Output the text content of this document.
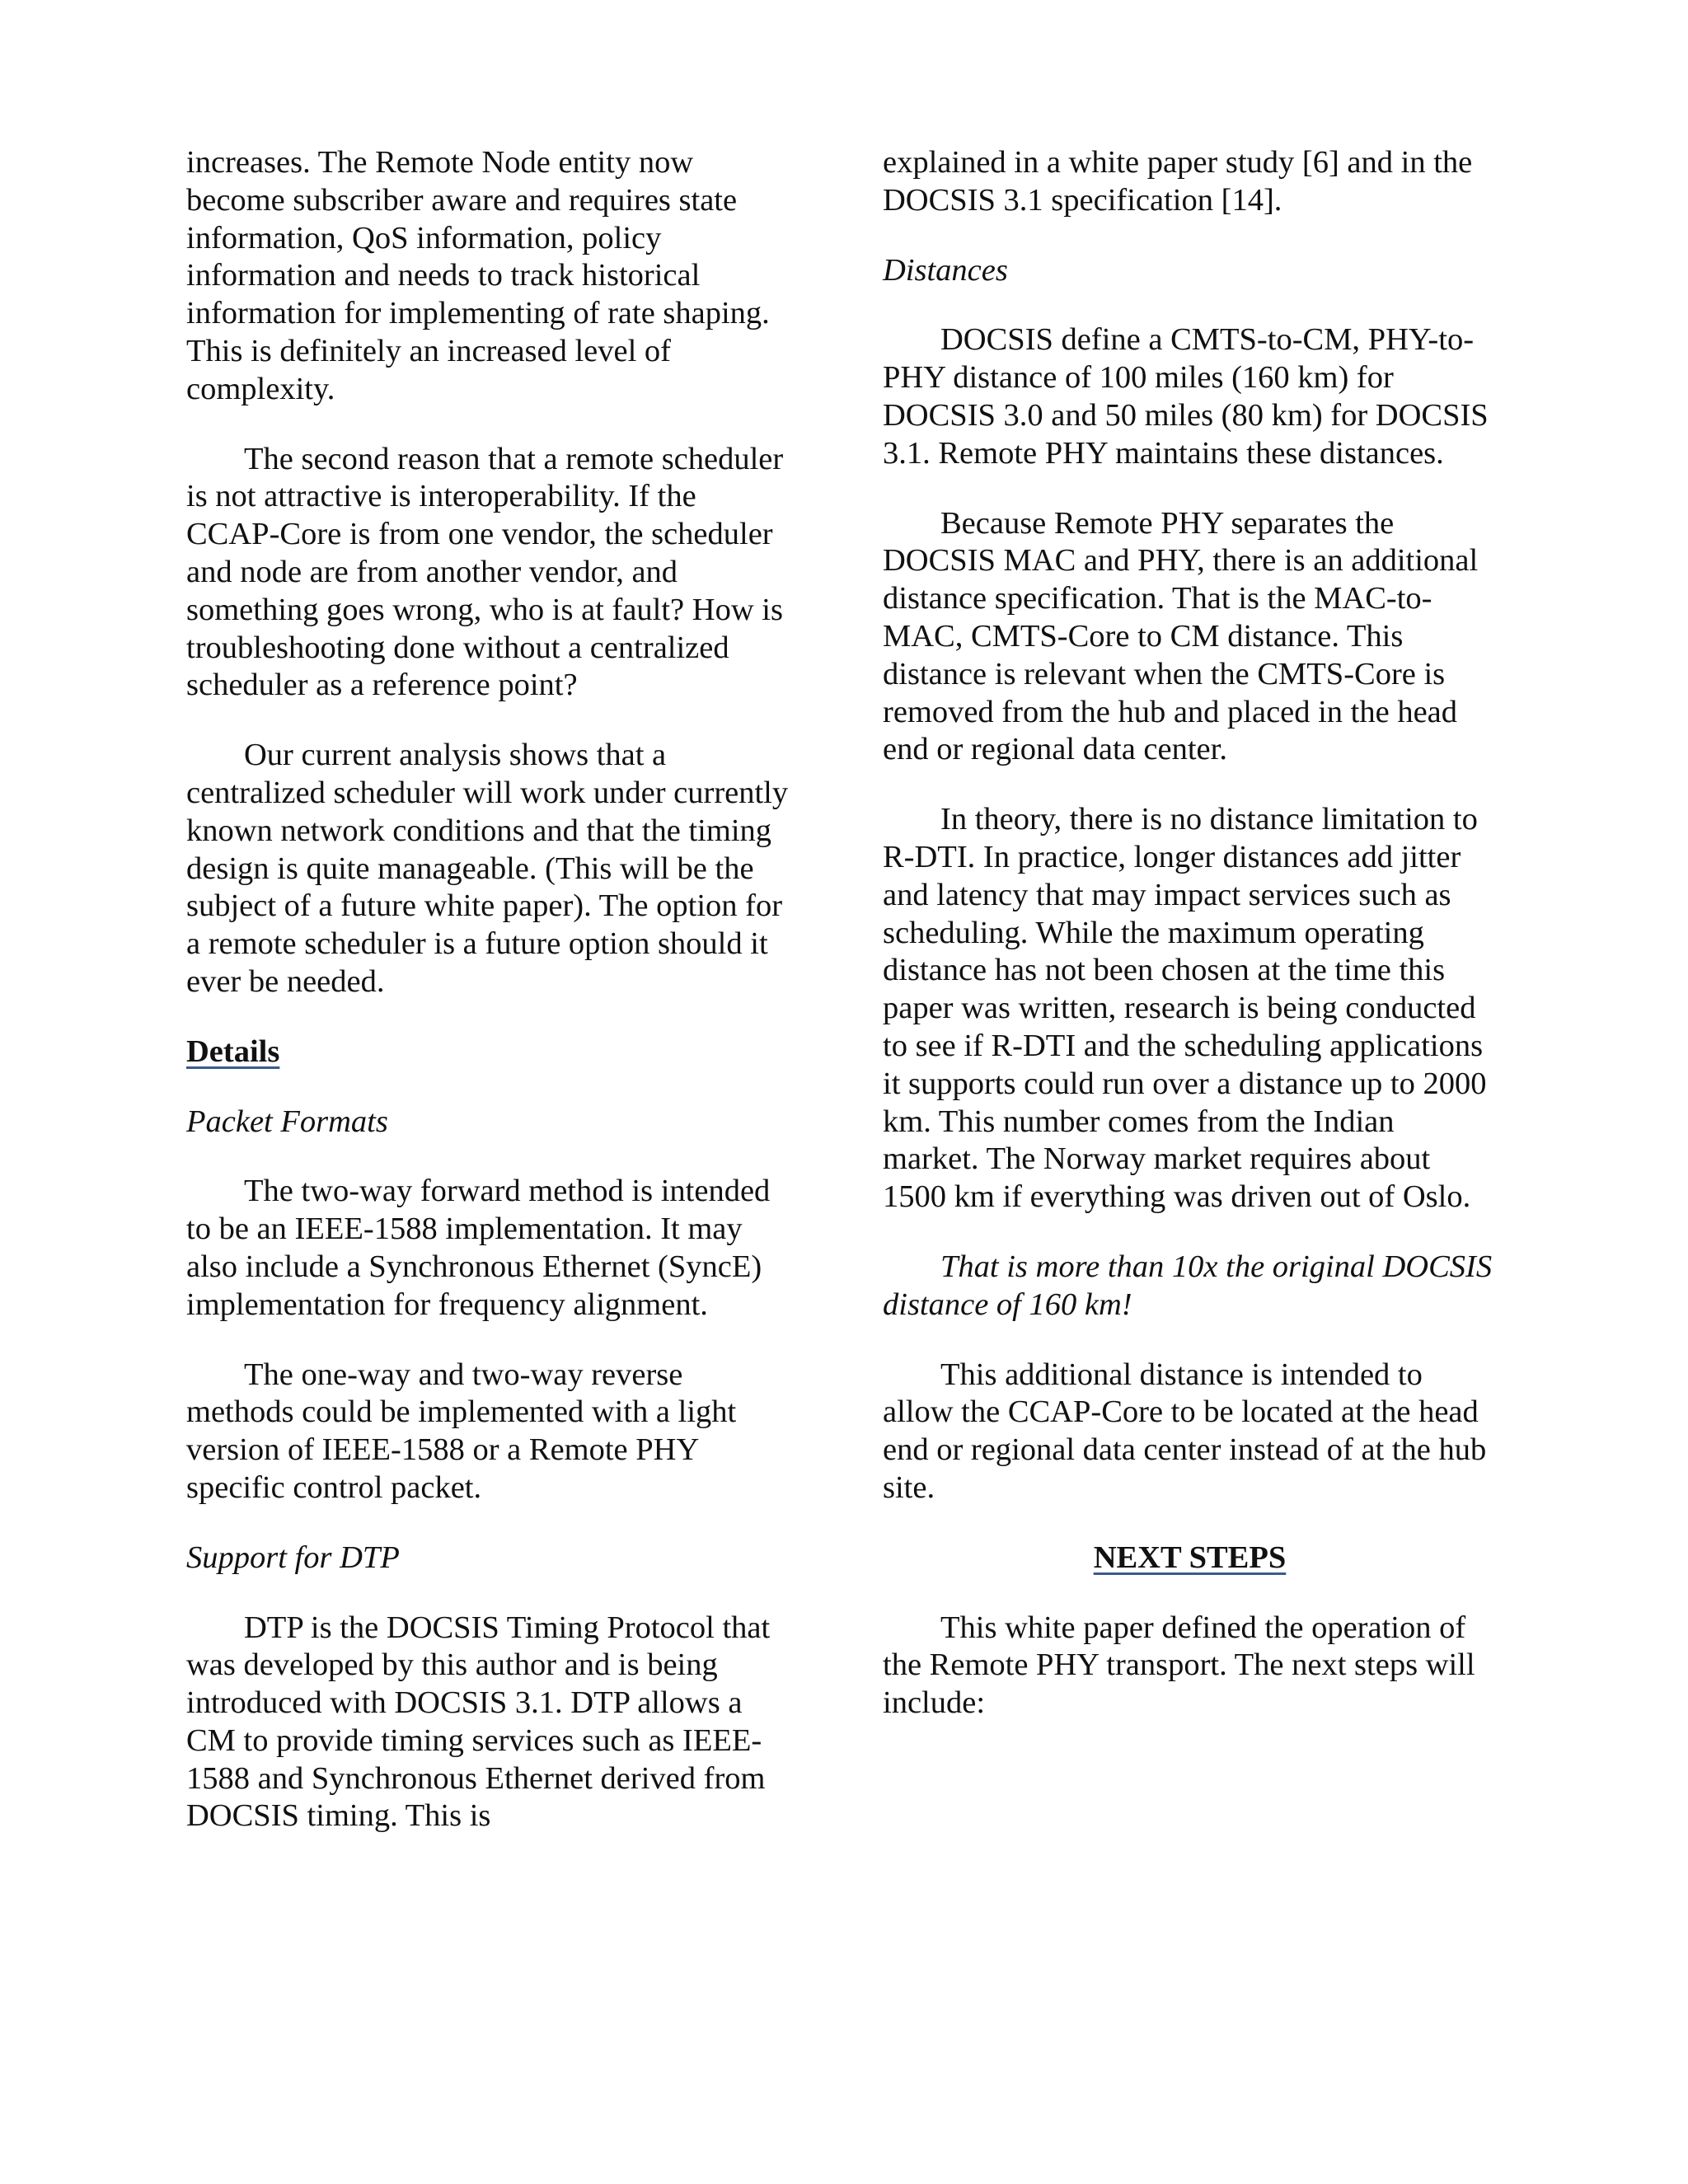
increases. The Remote Node entity now become subscriber aware and requires state information, QoS information, policy information and needs to track historical information for implementing of rate shaping. This is definitely an increased level of complexity.

The second reason that a remote scheduler is not attractive is interoperability. If the CCAP-Core is from one vendor, the scheduler and node are from another vendor, and something goes wrong, who is at fault? How is troubleshooting done without a centralized scheduler as a reference point?

Our current analysis shows that a centralized scheduler will work under currently known network conditions and that the timing design is quite manageable. (This will be the subject of a future white paper). The option for a remote scheduler is a future option should it ever be needed.

Details

Packet Formats

The two-way forward method is intended to be an IEEE-1588 implementation. It may also include a Synchronous Ethernet (SyncE) implementation for frequency alignment.

The one-way and two-way reverse methods could be implemented with a light version of IEEE-1588 or a Remote PHY specific control packet.

Support for DTP

DTP is the DOCSIS Timing Protocol that was developed by this author and is being introduced with DOCSIS 3.1. DTP allows a CM to provide timing services such as IEEE-1588 and Synchronous Ethernet derived from DOCSIS timing. This is

explained in a white paper study [6] and in the DOCSIS 3.1 specification [14].

Distances

DOCSIS define a CMTS-to-CM, PHY-to-PHY distance of 100 miles (160 km) for DOCSIS 3.0 and 50 miles (80 km) for DOCSIS 3.1. Remote PHY maintains these distances.

Because Remote PHY separates the DOCSIS MAC and PHY, there is an additional distance specification. That is the MAC-to-MAC, CMTS-Core to CM distance. This distance is relevant when the CMTS-Core is removed from the hub and placed in the head end or regional data center.

In theory, there is no distance limitation to R-DTI. In practice, longer distances add jitter and latency that may impact services such as scheduling. While the maximum operating distance has not been chosen at the time this paper was written, research is being conducted to see if R-DTI and the scheduling applications it supports could run over a distance up to 2000 km. This number comes from the Indian market. The Norway market requires about 1500 km if everything was driven out of Oslo.

That is more than 10x the original DOCSIS distance of 160 km!

This additional distance is intended to allow the CCAP-Core to be located at the head end or regional data center instead of at the hub site.

NEXT STEPS

This white paper defined the operation of the Remote PHY transport. The next steps will include:
